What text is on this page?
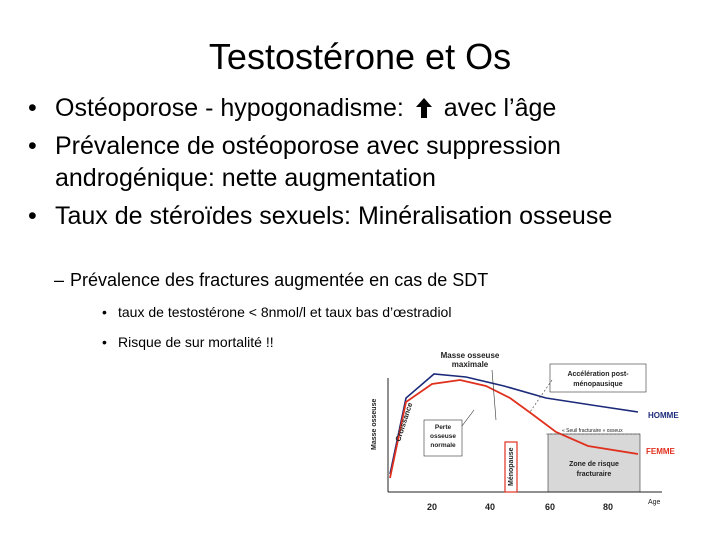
Testostérone et Os
• Ostéoporose - hypogonadisme: avec l’âge
• Prévalence de ostéoporose avec suppression
androgénique: nette augmentation
• Taux de stéroïdes sexuels: Minéralisation osseuse
– Prévalence des fractures augmentée en cas de SDT
• taux de testostérone < 8nmol/l et taux bas d’œstradiol
• Risque de sur mortalité !!
Ménopause
Perte
osseuse
normale
Masse osseuse
maximale
Accélération post-
ménopausique
Croissance
Masse osseuse	HOMME
FEMME
« Seuil fracturaire » osseux
Zone de risque
fracturaire
20	40	60	80	Age
